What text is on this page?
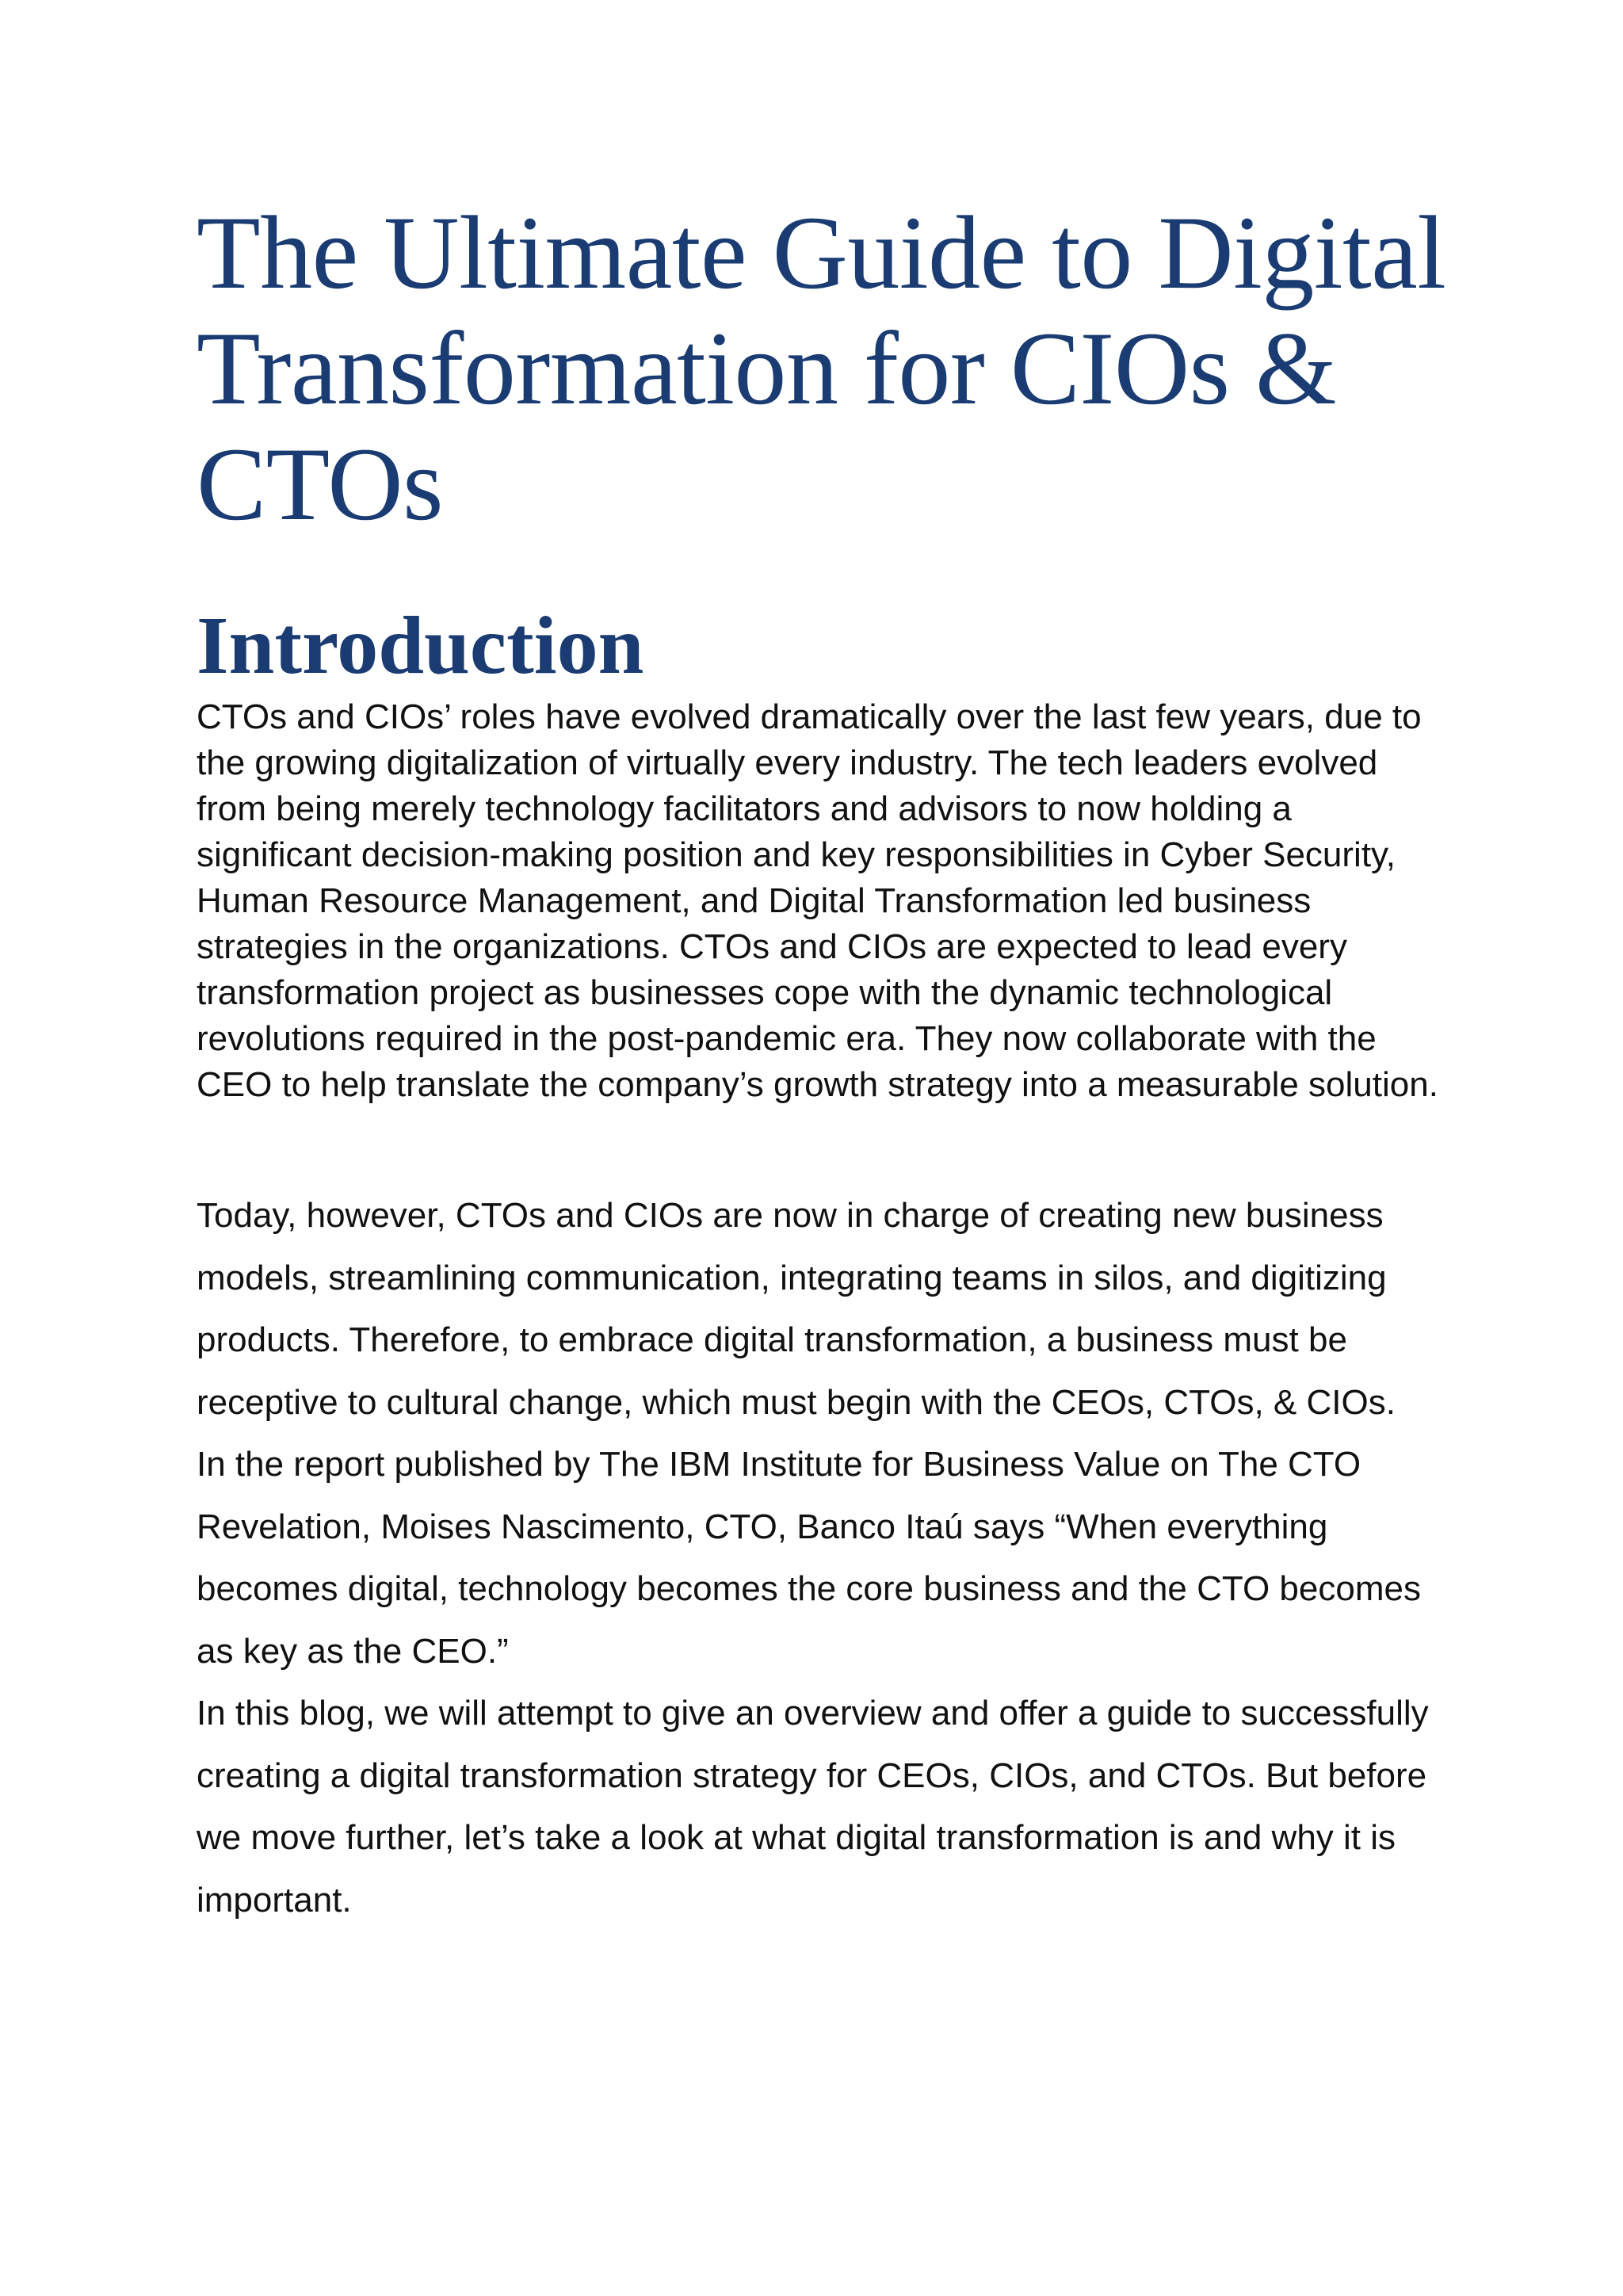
The Ultimate Guide to Digital Transformation for CIOs & CTOs
Introduction

CTOs and CIOs’ roles have evolved dramatically over the last few years, due to the growing digitalization of virtually every industry. The tech leaders evolved from being merely technology facilitators and advisors to now holding a significant decision-making position and key responsibilities in Cyber Security, Human Resource Management, and Digital Transformation led business strategies in the organizations. CTOs and CIOs are expected to lead every transformation project as businesses cope with the dynamic technological revolutions required in the post-pandemic era. They now collaborate with the CEO to help translate the company’s growth strategy into a measurable solution.

Today, however, CTOs and CIOs are now in charge of creating new business models, streamlining communication, integrating teams in silos, and digitizing products. Therefore, to embrace digital transformation, a business must be receptive to cultural change, which must begin with the CEOs, CTOs, & CIOs.

In the report published by The IBM Institute for Business Value on The CTO Revelation, Moises Nascimento, CTO, Banco Itaú says “When everything becomes digital, technology becomes the core business and the CTO becomes as key as the CEO.”

In this blog, we will attempt to give an overview and offer a guide to successfully creating a digital transformation strategy for CEOs, CIOs, and CTOs. But before we move further, let’s take a look at what digital transformation is and why it is important.
